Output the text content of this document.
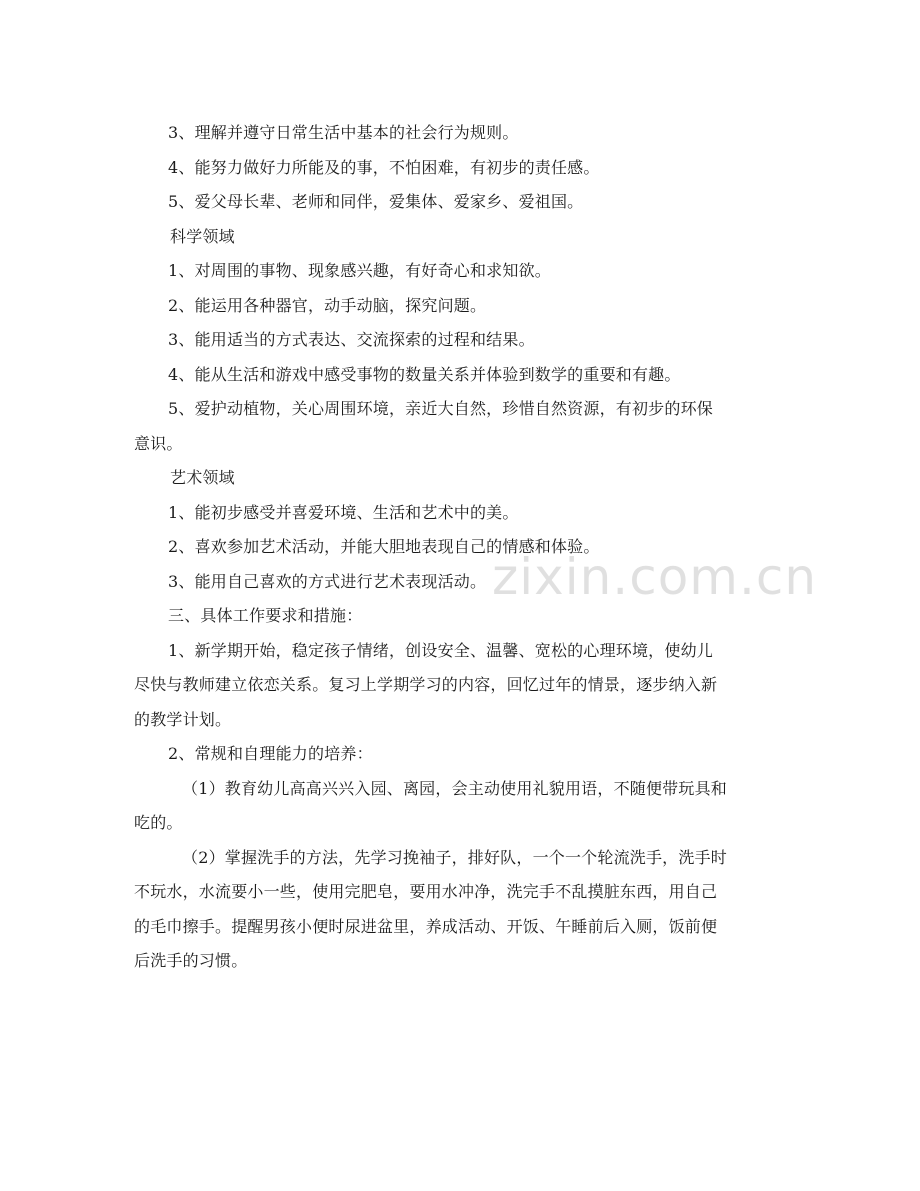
3、理解并遵守日常生活中基本的社会行为规则。
4、能努力做好力所能及的事，不怕困难，有初步的责任感。
5、爱父母长辈、老师和同伴，爱集体、爱家乡、爱祖国。
科学领域
1、对周围的事物、现象感兴趣，有好奇心和求知欲。
2、能运用各种器官，动手动脑，探究问题。
3、能用适当的方式表达、交流探索的过程和结果。
4、能从生活和游戏中感受事物的数量关系并体验到数学的重要和有趣。
5、爱护动植物，关心周围环境，亲近大自然，珍惜自然资源，有初步的环保
意识。
艺术领域
1、能初步感受并喜爱环境、生活和艺术中的美。
2、喜欢参加艺术活动，并能大胆地表现自己的情感和体验。
3、能用自己喜欢的方式进行艺术表现活动。
三、具体工作要求和措施：
1、新学期开始，稳定孩子情绪，创设安全、温馨、宽松的心理环境，使幼儿
尽快与教师建立依恋关系。复习上学期学习的内容，回忆过年的情景，逐步纳入新
的教学计划。
2、常规和自理能力的培养：
（1）教育幼儿高高兴兴入园、离园，会主动使用礼貌用语，不随便带玩具和
吃的。
（2）掌握洗手的方法，先学习挽袖子，排好队，一个一个轮流洗手，洗手时
不玩水，水流要小一些，使用完肥皂，要用水冲净，洗完手不乱摸脏东西，用自己
的毛巾擦手。提醒男孩小便时尿进盆里，养成活动、开饭、午睡前后入厕，饭前便
后洗手的习惯。
zixin.com.cn
